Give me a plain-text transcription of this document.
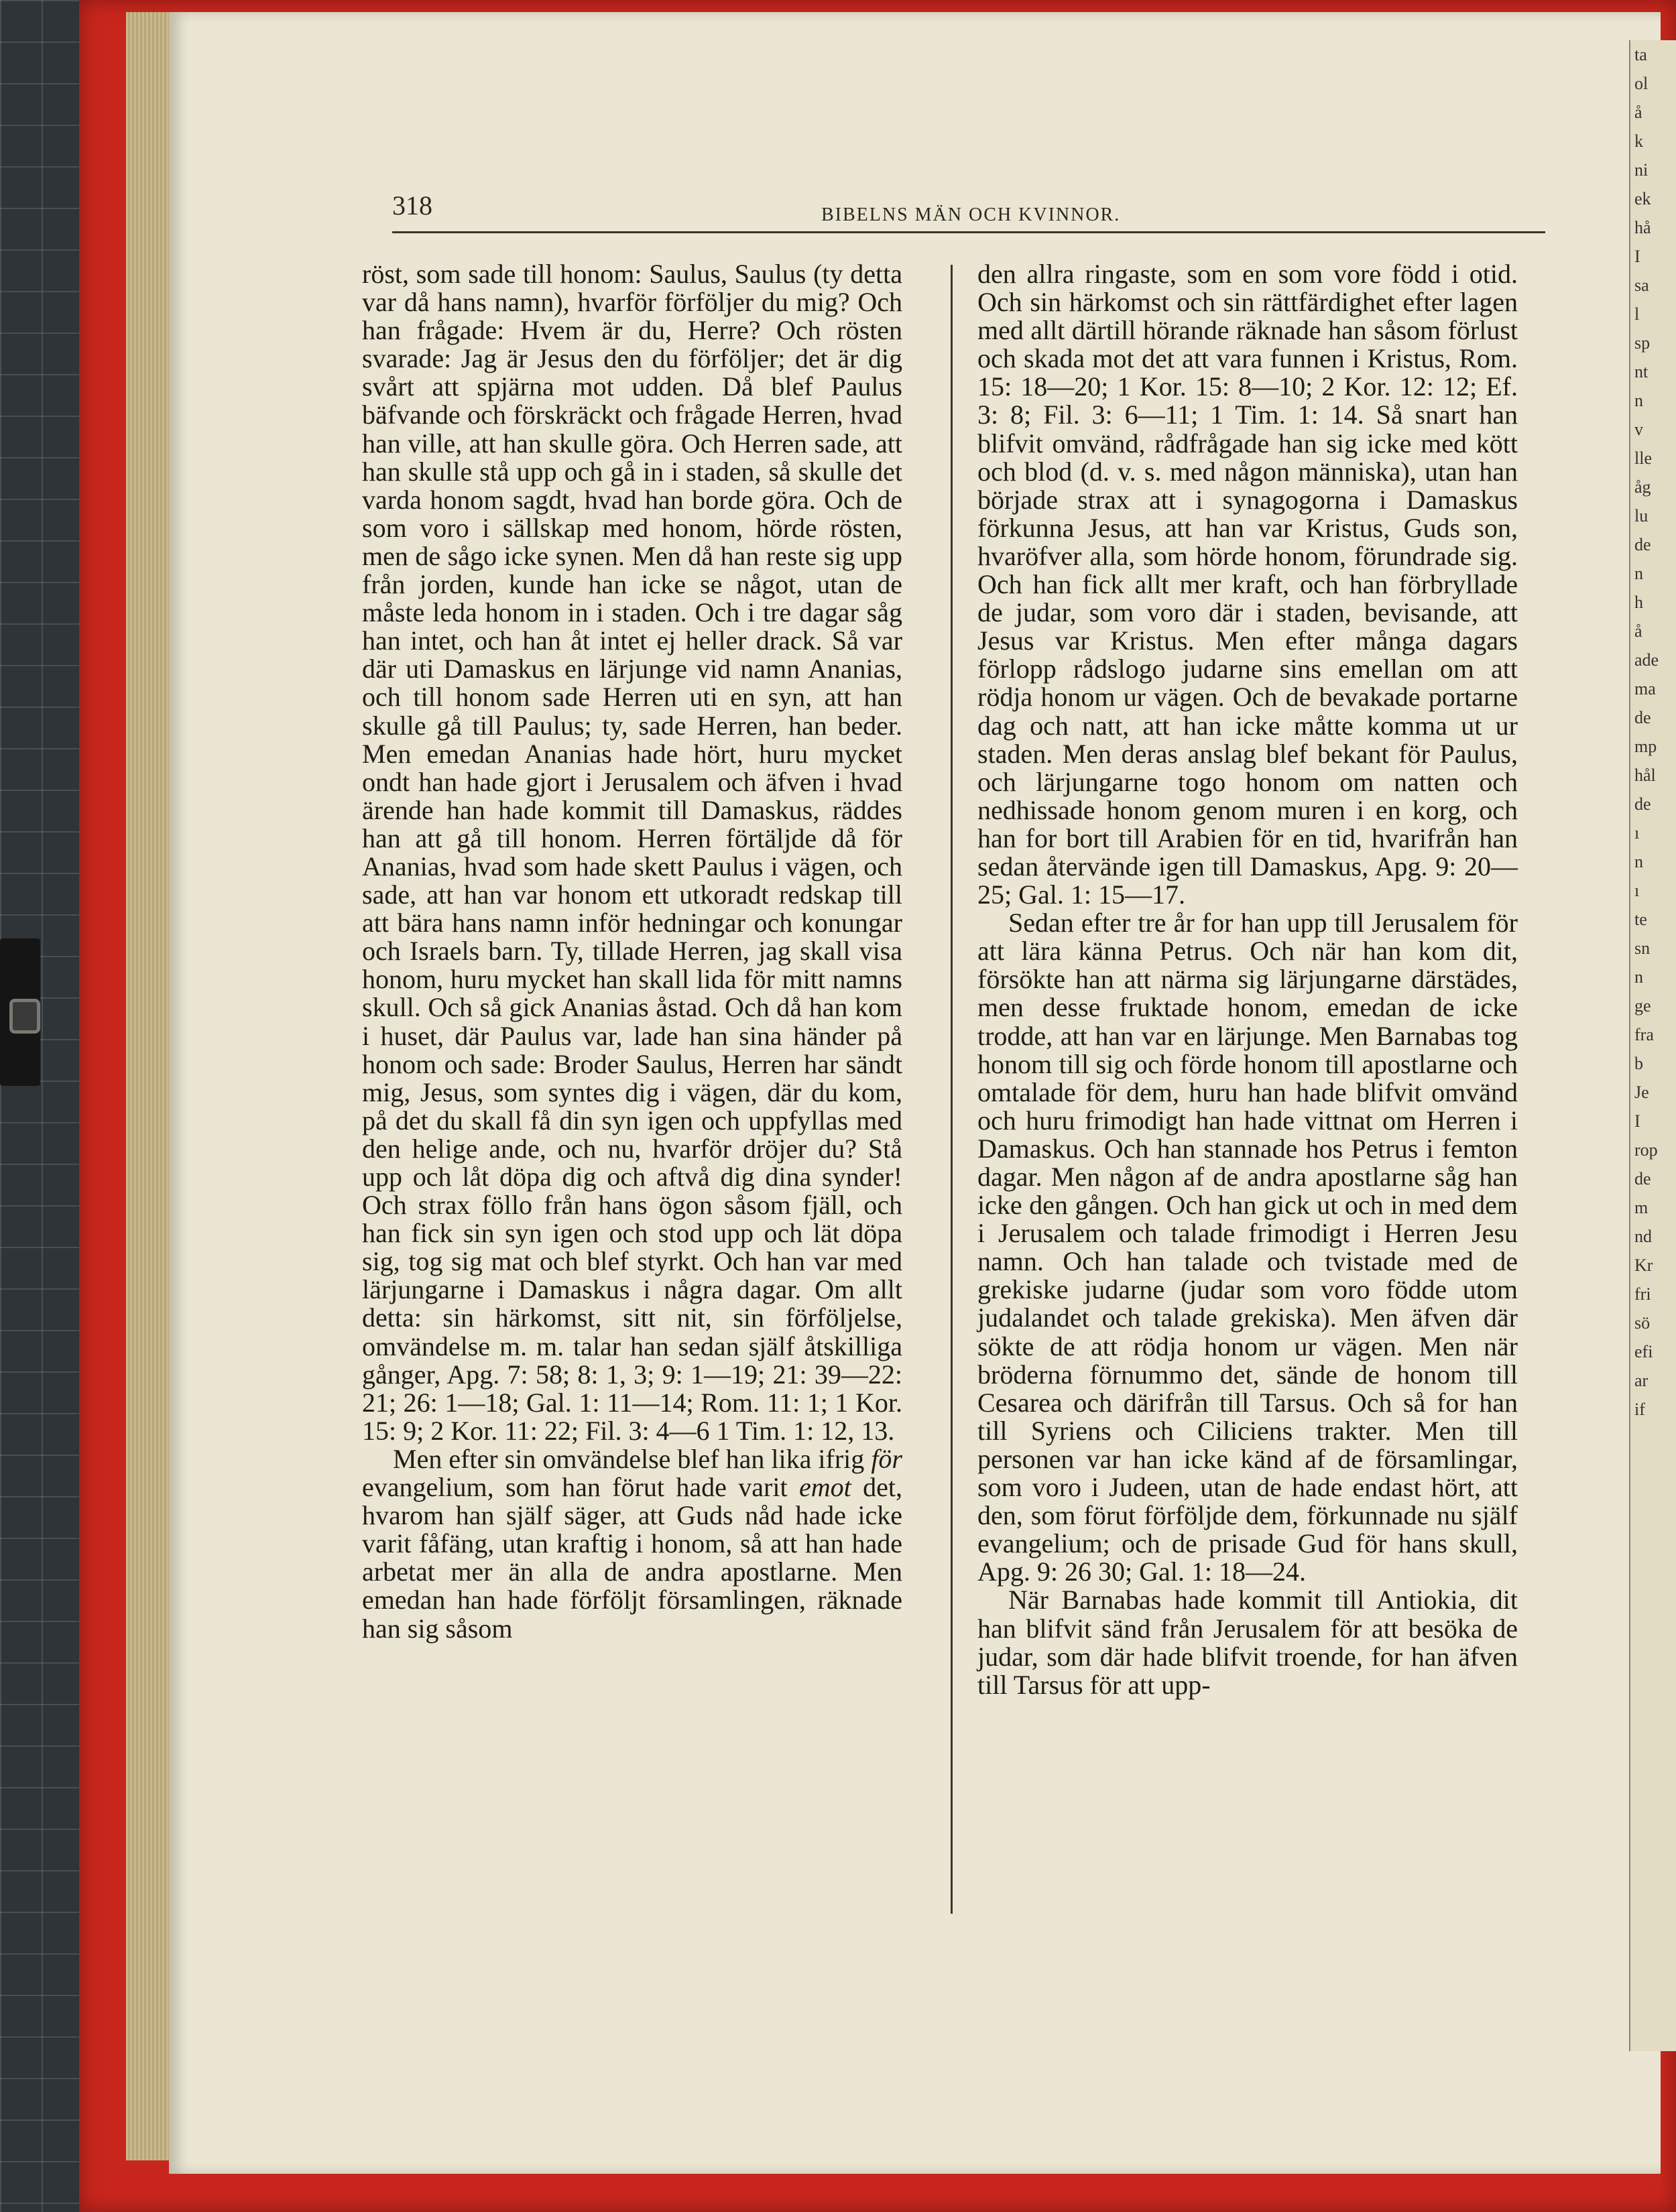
ta
ol
å
k
ni
ek
hå
I
sa
l
sp
nt
n
v
lle
åg
lu
de
n
h
å
ade
ma
de
mp
hål
de
ı
n
ı
te
sn
n
ge
fra
b
Je
I
rop
de
m
nd
Kr
fri
sö
efi
ar
if
318	BIBELNS MÄN OCH KVINNOR.

röst, som sade till honom: Saulus, Saulus (ty detta var då hans namn), hvarför förföljer du mig? Och han frågade: Hvem är du, Herre? Och rösten svarade: Jag är Jesus den du förföljer; det är dig svårt att spjärna mot udden. Då blef Paulus bäfvande och förskräckt och frågade Herren, hvad han ville, att han skulle göra. Och Herren sade, att han skulle stå upp och gå in i staden, så skulle det varda honom sagdt, hvad han borde göra. Och de som voro i sällskap med honom, hörde rösten, men de sågo icke synen. Men då han reste sig upp från jorden, kunde han icke se något, utan de måste leda honom in i staden. Och i tre dagar såg han intet, och han åt intet ej heller drack. Så var där uti Damaskus en lärjunge vid namn Ananias, och till honom sade Herren uti en syn, att han skulle gå till Paulus; ty, sade Herren, han beder. Men emedan Ananias hade hört, huru mycket ondt han hade gjort i Jerusalem och äfven i hvad ärende han hade kommit till Damaskus, räddes han att gå till honom. Herren förtäljde då för Ananias, hvad som hade skett Paulus i vägen, och sade, att han var honom ett utkoradt redskap till att bära hans namn inför hedningar och konungar och Israels barn. Ty, tillade Herren, jag skall visa honom, huru mycket han skall lida för mitt namns skull. Och så gick Ananias åstad. Och då han kom i huset, där Paulus var, lade han sina händer på honom och sade: Broder Saulus, Herren har sändt mig, Jesus, som syntes dig i vägen, där du kom, på det du skall få din syn igen och uppfyllas med den helige ande, och nu, hvarför dröjer du? Stå upp och låt döpa dig och aftvå dig dina synder! Och strax föllo från hans ögon såsom fjäll, och han fick sin syn igen och stod upp och lät döpa sig, tog sig mat och blef styrkt. Och han var med lärjungarne i Damaskus i några dagar. Om allt detta: sin härkomst, sitt nit, sin förföljelse, omvändelse m. m. talar han sedan själf åtskilliga gånger, Apg. 7: 58; 8: 1, 3; 9: 1—19; 21: 39—22: 21; 26: 1—18; Gal. 1: 11—14; Rom. 11: 1; 1 Kor. 15: 9; 2 Kor. 11: 22; Fil. 3: 4—6 1 Tim. 1: 12, 13.

Men efter sin omvändelse blef han lika ifrig för evangelium, som han förut hade varit emot det, hvarom han själf säger, att Guds nåd hade icke varit fåfäng, utan kraftig i honom, så att han hade arbetat mer än alla de andra apostlarne. Men emedan han hade förföljt församlingen, räknade han sig såsom

den allra ringaste, som en som vore född i otid. Och sin härkomst och sin rättfärdighet efter lagen med allt därtill hörande räknade han såsom förlust och skada mot det att vara funnen i Kristus, Rom. 15: 18—20; 1 Kor. 15: 8—10; 2 Kor. 12: 12; Ef. 3: 8; Fil. 3: 6—11; 1 Tim. 1: 14. Så snart han blifvit omvänd, rådfrågade han sig icke med kött och blod (d. v. s. med någon människa), utan han började strax att i synagogorna i Damaskus förkunna Jesus, att han var Kristus, Guds son, hvaröfver alla, som hörde honom, förundrade sig. Och han fick allt mer kraft, och han förbryllade de judar, som voro där i staden, bevisande, att Jesus var Kristus. Men efter många dagars förlopp rådslogo judarne sins emellan om att rödja honom ur vägen. Och de bevakade portarne dag och natt, att han icke måtte komma ut ur staden. Men deras anslag blef bekant för Paulus, och lärjungarne togo honom om natten och nedhissade honom genom muren i en korg, och han for bort till Arabien för en tid, hvarifrån han sedan återvände igen till Damaskus, Apg. 9: 20—25; Gal. 1: 15—17.

Sedan efter tre år for han upp till Jerusalem för att lära känna Petrus. Och när han kom dit, försökte han att närma sig lärjungarne därstädes, men desse fruktade honom, emedan de icke trodde, att han var en lärjunge. Men Barnabas tog honom till sig och förde honom till apostlarne och omtalade för dem, huru han hade blifvit omvänd och huru frimodigt han hade vittnat om Herren i Damaskus. Och han stannade hos Petrus i femton dagar. Men någon af de andra apostlarne såg han icke den gången. Och han gick ut och in med dem i Jerusalem och talade frimodigt i Herren Jesu namn. Och han talade och tvistade med de grekiske judarne (judar som voro födde utom judalandet och talade grekiska). Men äfven där sökte de att rödja honom ur vägen. Men när bröderna förnummo det, sände de honom till Cesarea och därifrån till Tarsus. Och så for han till Syriens och Ciliciens trakter. Men till personen var han icke känd af de församlingar, som voro i Judeen, utan de hade endast hört, att den, som förut förföljde dem, förkunnade nu själf evangelium; och de prisade Gud för hans skull, Apg. 9: 26 30; Gal. 1: 18—24.

När Barnabas hade kommit till Antiokia, dit han blifvit sänd från Jerusalem för att besöka de judar, som där hade blifvit troende, for han äfven till Tarsus för att upp-
